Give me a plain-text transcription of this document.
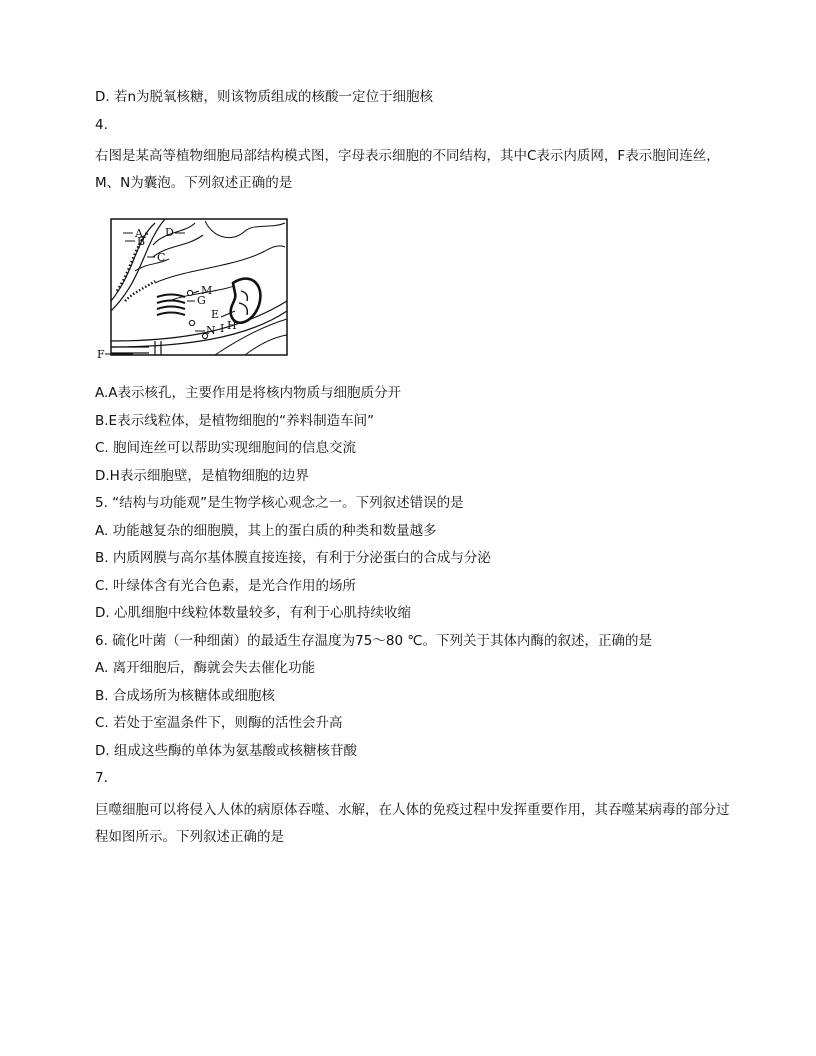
D. 若n为脱氧核糖，则该物质组成的核酸一定位于细胞核
4.
右图是某高等植物细胞局部结构模式图，字母表示细胞的不同结构，其中C表示内质网，F表示胞间连丝，M、N为囊泡。下列叙述正确的是
A
B
C
D
M
G
E
N I H
F
A.A表示核孔，主要作用是将核内物质与细胞质分开
B.E表示线粒体，是植物细胞的“养料制造车间”
C. 胞间连丝可以帮助实现细胞间的信息交流
D.H表示细胞壁，是植物细胞的边界
5. “结构与功能观”是生物学核心观念之一。下列叙述错误的是
A. 功能越复杂的细胞膜，其上的蛋白质的种类和数量越多
B. 内质网膜与高尔基体膜直接连接，有利于分泌蛋白的合成与分泌
C. 叶绿体含有光合色素，是光合作用的场所
D. 心肌细胞中线粒体数量较多，有利于心肌持续收缩
6. 硫化叶菌（一种细菌）的最适生存温度为75～80 ℃。下列关于其体内酶的叙述，正确的是
A. 离开细胞后，酶就会失去催化功能
B. 合成场所为核糖体或细胞核
C. 若处于室温条件下，则酶的活性会升高
D. 组成这些酶的单体为氨基酸或核糖核苷酸
7.
巨噬细胞可以将侵入人体的病原体吞噬、水解，在人体的免疫过程中发挥重要作用，其吞噬某病毒的部分过程如图所示。下列叙述正确的是
